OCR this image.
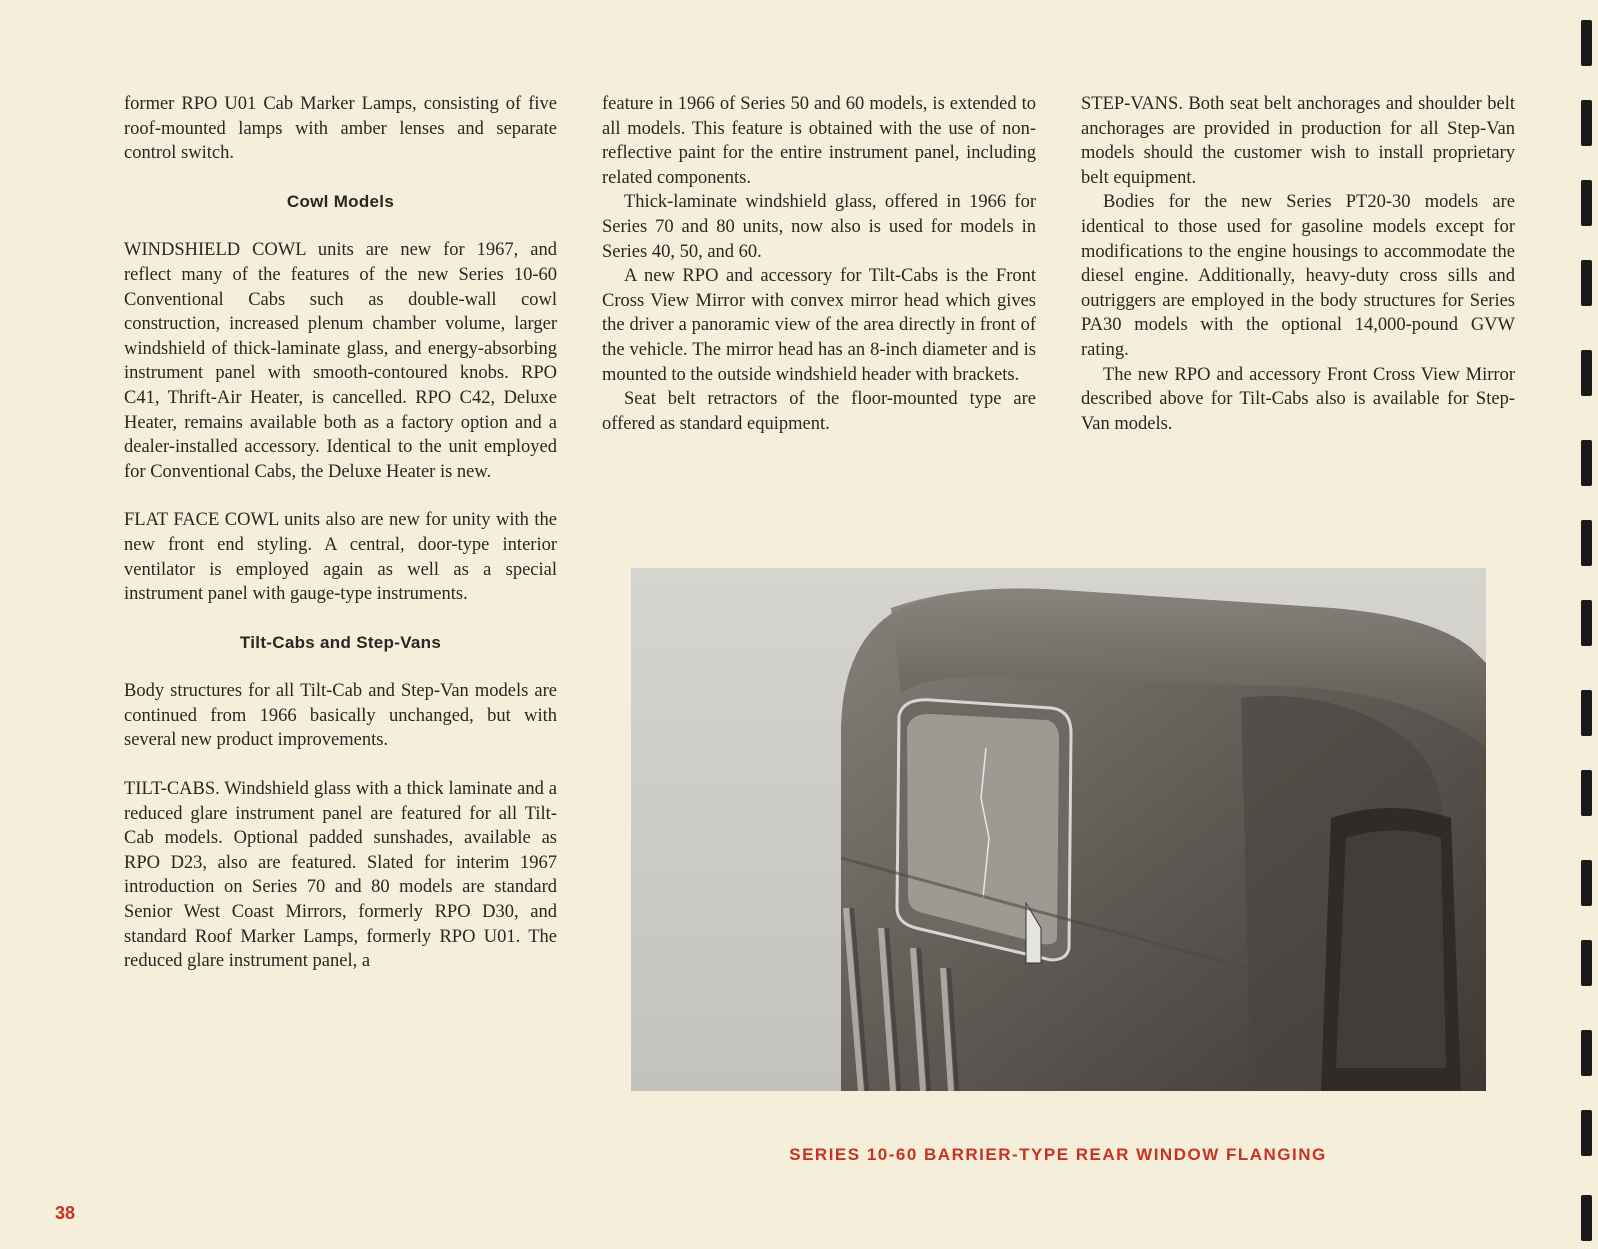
former RPO U01 Cab Marker Lamps, consisting of five roof-mounted lamps with amber lenses and separate control switch.

Cowl Models

WINDSHIELD COWL units are new for 1967, and reflect many of the features of the new Series 10-60 Conventional Cabs such as double-wall cowl construction, increased plenum chamber volume, larger windshield of thick-laminate glass, and energy-absorbing instrument panel with smooth-contoured knobs. RPO C41, Thrift-Air Heater, is cancelled. RPO C42, Deluxe Heater, remains available both as a factory option and a dealer-installed accessory. Identical to the unit employed for Conventional Cabs, the Deluxe Heater is new.

FLAT FACE COWL units also are new for unity with the new front end styling. A central, door-type interior ventilator is employed again as well as a special instrument panel with gauge-type instruments.

Tilt-Cabs and Step-Vans

Body structures for all Tilt-Cab and Step-Van models are continued from 1966 basically unchanged, but with several new product improvements.

TILT-CABS. Windshield glass with a thick laminate and a reduced glare instrument panel are featured for all Tilt-Cab models. Optional padded sunshades, available as RPO D23, also are featured. Slated for interim 1967 introduction on Series 70 and 80 models are standard Senior West Coast Mirrors, formerly RPO D30, and standard Roof Marker Lamps, formerly RPO U01. The reduced glare instrument panel, a

feature in 1966 of Series 50 and 60 models, is extended to all models. This feature is obtained with the use of non-reflective paint for the entire instrument panel, including related components.

Thick-laminate windshield glass, offered in 1966 for Series 70 and 80 units, now also is used for models in Series 40, 50, and 60.

A new RPO and accessory for Tilt-Cabs is the Front Cross View Mirror with convex mirror head which gives the driver a panoramic view of the area directly in front of the vehicle. The mirror head has an 8-inch diameter and is mounted to the outside windshield header with brackets.

Seat belt retractors of the floor-mounted type are offered as standard equipment.

STEP-VANS. Both seat belt anchorages and shoulder belt anchorages are provided in production for all Step-Van models should the customer wish to install proprietary belt equipment.

Bodies for the new Series PT20-30 models are identical to those used for gasoline models except for modifications to the engine housings to accommodate the diesel engine. Additionally, heavy-duty cross sills and outriggers are employed in the body structures for Series PA30 models with the optional 14,000-pound GVW rating.

The new RPO and accessory Front Cross View Mirror described above for Tilt-Cabs also is available for Step-Van models.

SERIES 10-60 BARRIER-TYPE REAR WINDOW FLANGING
38
